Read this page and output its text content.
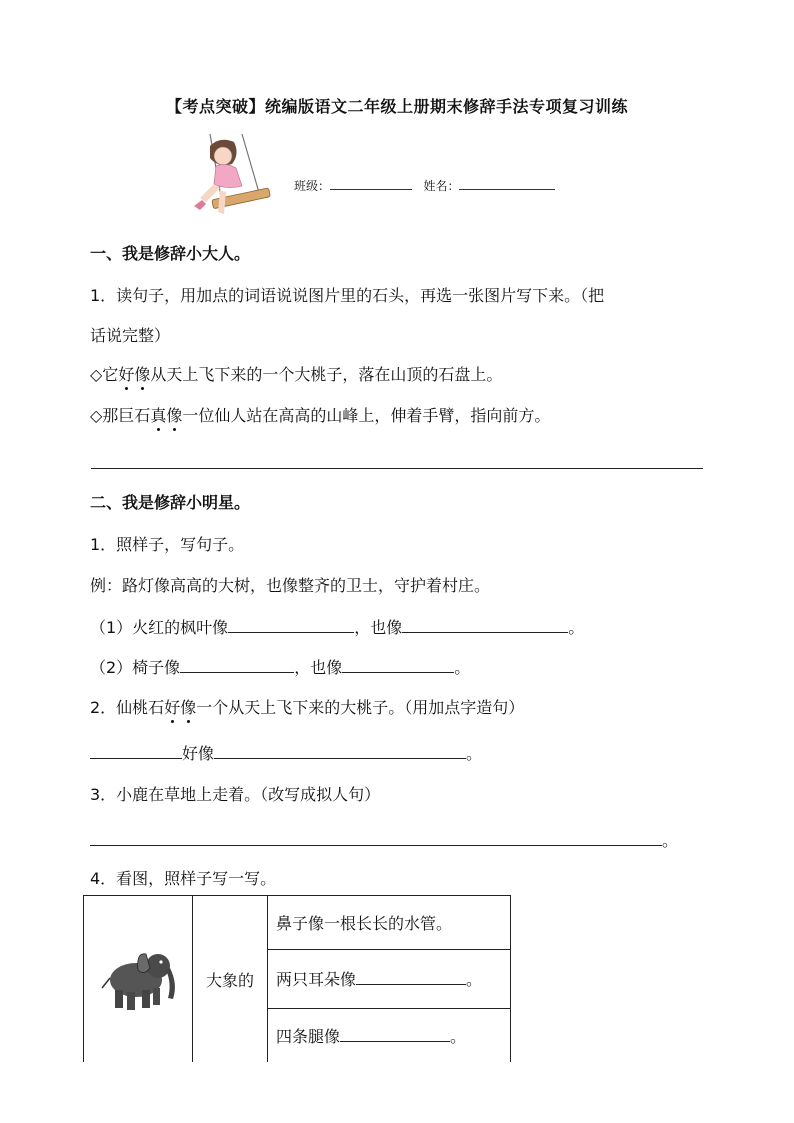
【考点突破】统编版语文二年级上册期末修辞手法专项复习训练
班级：	姓名：
一、我是修辞小大人。
1．读句子，用加点的词语说说图片里的石头，再选一张图片写下来。（把
话说完整）
◇它好像从天上飞下来的一个大桃子，落在山顶的石盘上。
◇那巨石真像一位仙人站在高高的山峰上，伸着手臂，指向前方。
二、我是修辞小明星。
1．照样子，写句子。
例：路灯像高高的大树，也像整齐的卫士，守护着村庄。
（1）火红的枫叶像	，也像	。
（2）椅子像	，也像	。
2．仙桃石好像一个从天上飞下来的大桃子。（用加点字造句）
好像	。
3．小鹿在草地上走着。（改写成拟人句）
。
4．看图，照样子写一写。
	大象的	鼻子像一根长长的水管。
两只耳朵像	。
四条腿像	。
